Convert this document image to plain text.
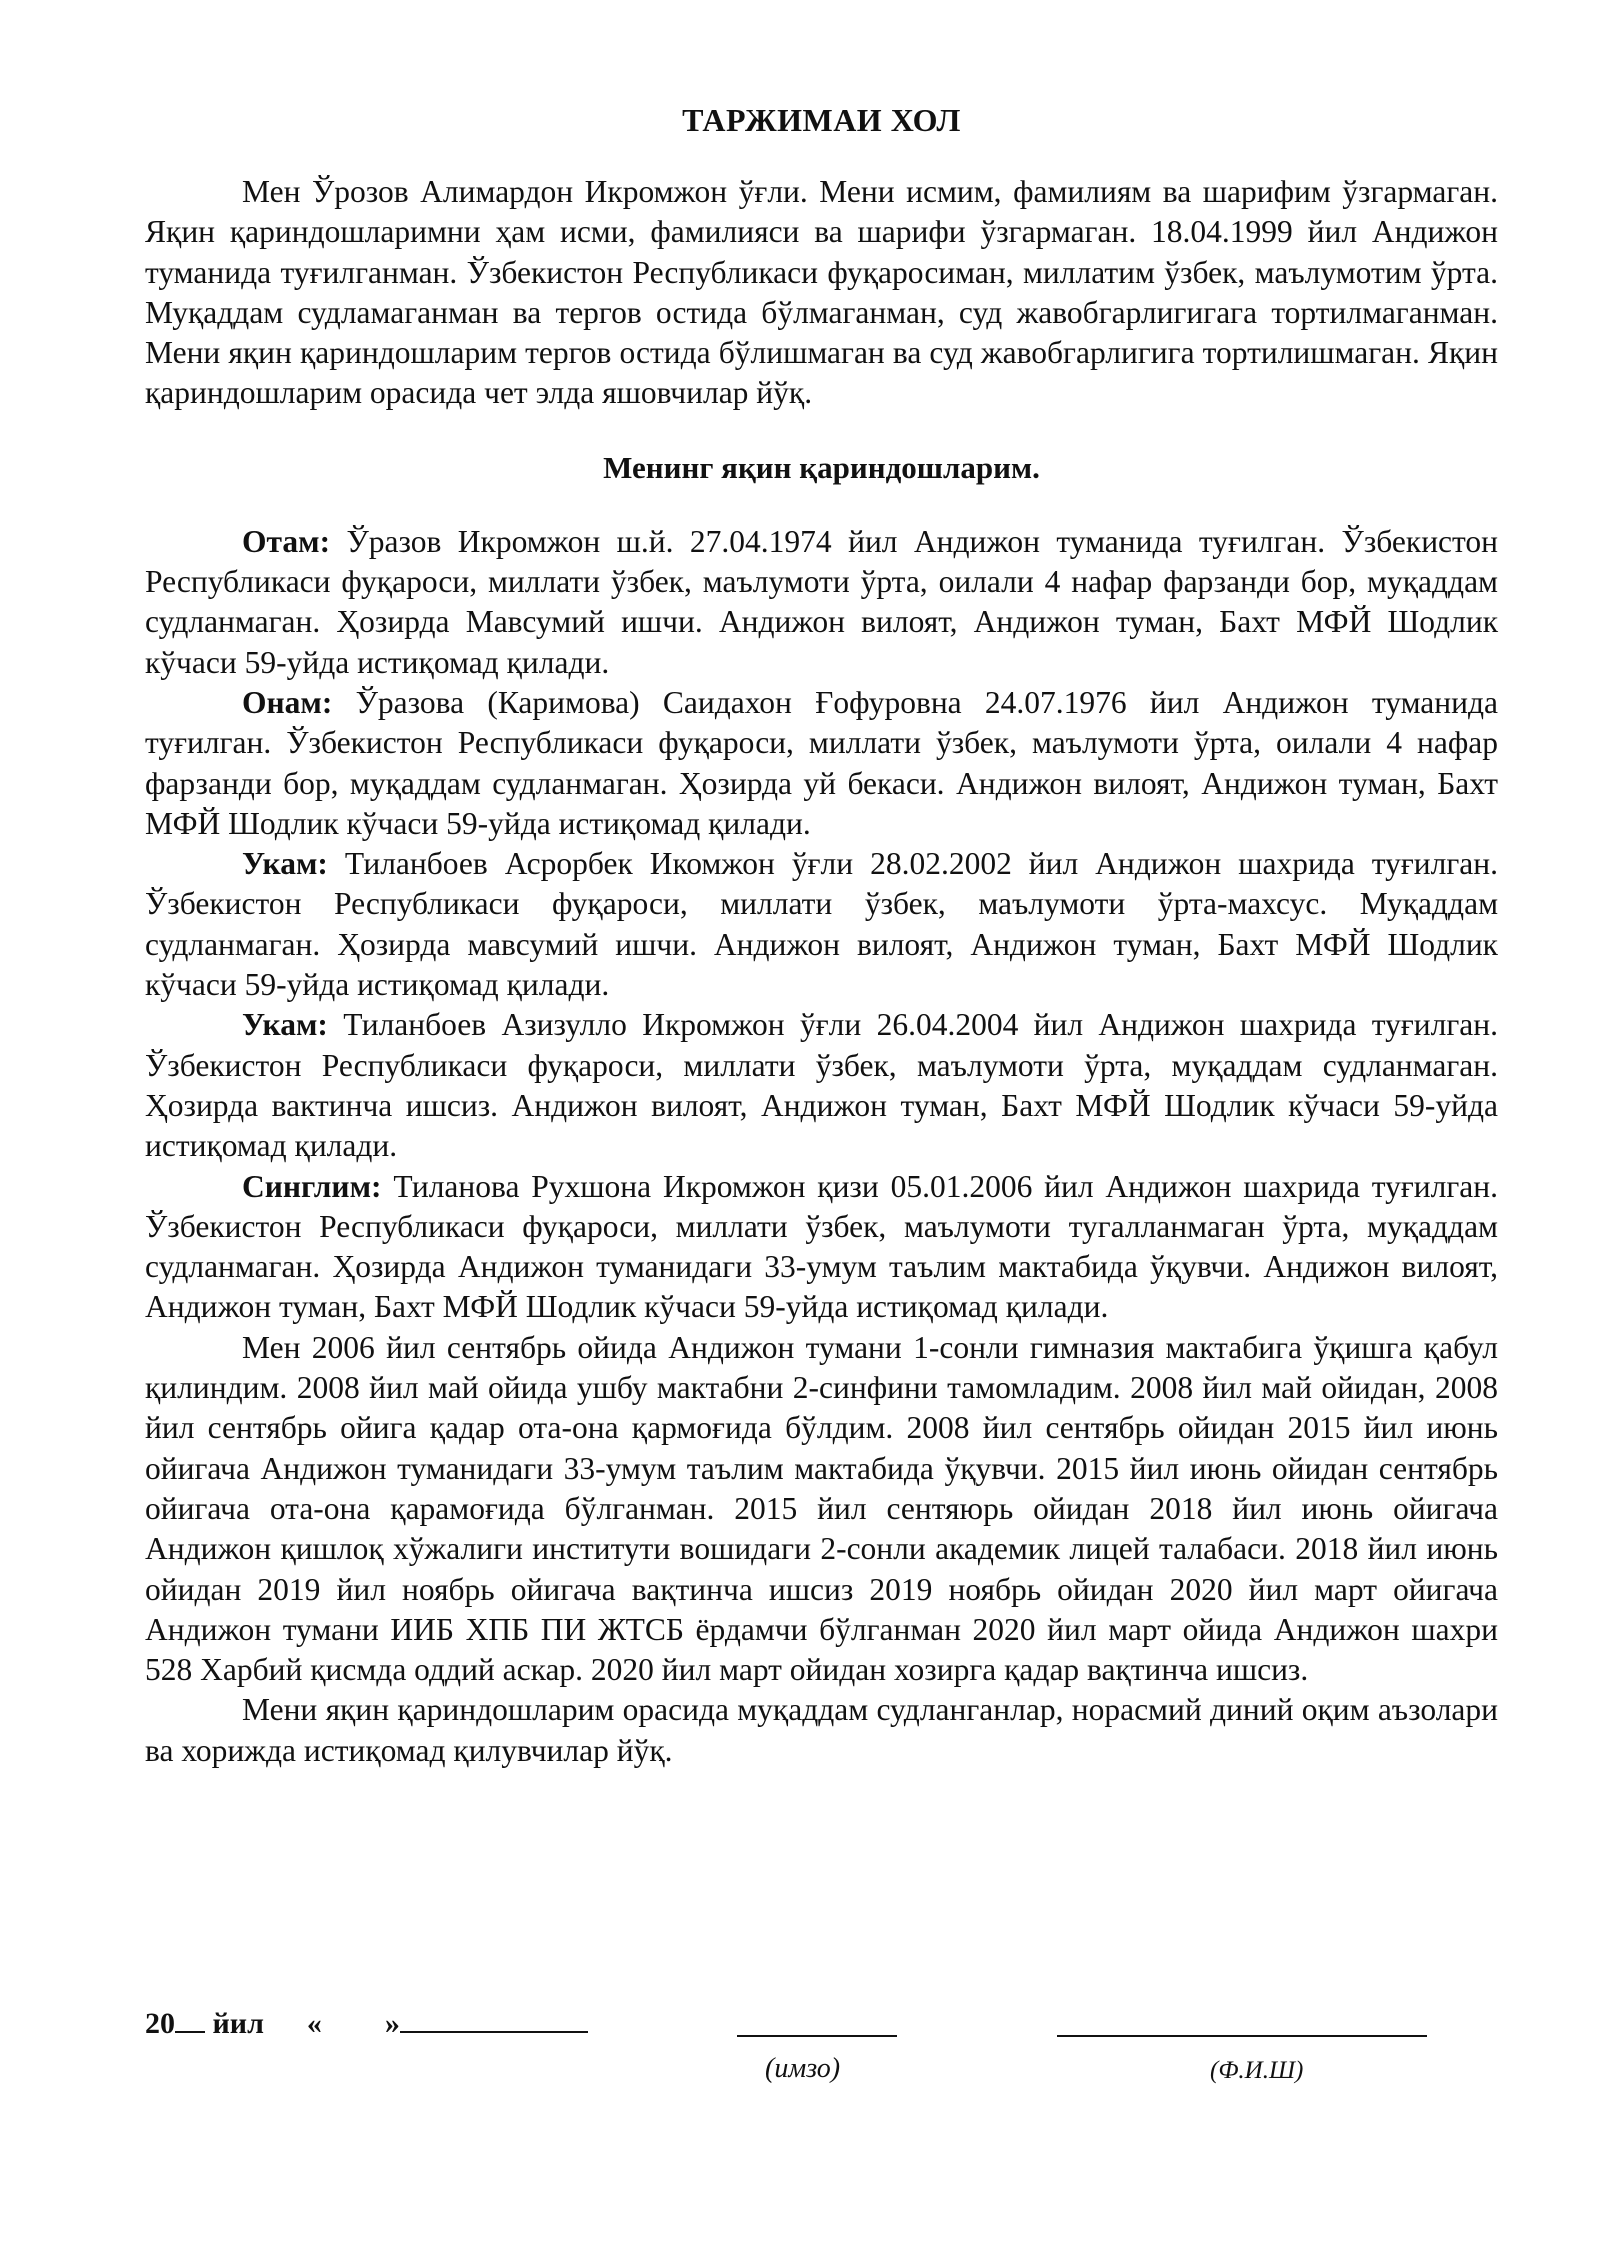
ТАРЖИМАИ ХОЛ

Мен Ўрозов Алимардон Икромжон ўғли. Мени исмим, фамилиям ва шарифим ўзгармаган. Яқин қариндошларимни ҳам исми, фамилияси ва шарифи ўзгармаган. 18.04.1999 йил Андижон туманида туғилганман. Ўзбекистон Республикаси фуқаросиман, миллатим ўзбек, маълумотим ўрта. Муқаддам судламаганман ва тергов остида бўлмаганман, суд жавобгарлигигага тортилмаганман. Мени яқин қариндошларим тергов остида бўлишмаган ва суд жавобгарлигига тортилишмаган. Яқин қариндошларим орасида чет элда яшовчилар йўқ.

Менинг яқин қариндошларим.

Отам: Ўразов Икромжон ш.й. 27.04.1974 йил Андижон туманида туғилган. Ўзбекистон Республикаси фуқароси, миллати ўзбек, маълумоти ўрта, оилали 4 нафар фарзанди бор, муқаддам судланмаган. Ҳозирда Мавсумий ишчи. Андижон вилоят, Андижон туман, Бахт МФЙ Шодлик кўчаси 59-уйда истиқомад қилади.

Онам: Ўразова (Каримова) Саидахон Ғофуровна 24.07.1976 йил Андижон туманида туғилган. Ўзбекистон Республикаси фуқароси, миллати ўзбек, маълумоти ўрта, оилали 4 нафар фарзанди бор, муқаддам судланмаган. Ҳозирда уй бекаси. Андижон вилоят, Андижон туман, Бахт МФЙ Шодлик кўчаси 59-уйда истиқомад қилади.

Укам: Тиланбоев Асрорбек Икомжон ўғли 28.02.2002 йил Андижон шахрида туғилган. Ўзбекистон Республикаси фуқароси, миллати ўзбек, маълумоти ўрта-махсус. Муқаддам судланмаган. Ҳозирда мавсумий ишчи. Андижон вилоят, Андижон туман, Бахт МФЙ Шодлик кўчаси 59-уйда истиқомад қилади.

Укам: Тиланбоев Азизулло Икромжон ўғли 26.04.2004 йил Андижон шахрида туғилган. Ўзбекистон Республикаси фуқароси, миллати ўзбек, маълумоти ўрта, муқаддам судланмаган. Ҳозирда вактинча ишсиз. Андижон вилоят, Андижон туман, Бахт МФЙ Шодлик кўчаси 59-уйда истиқомад қилади.

Синглим: Тиланова Рухшона Икромжон қизи 05.01.2006 йил Андижон шахрида туғилган. Ўзбекистон Республикаси фуқароси, миллати ўзбек, маълумоти тугалланмаган ўрта, муқаддам судланмаган. Ҳозирда Андижон туманидаги 33-умум таълим мактабида ўқувчи. Андижон вилоят, Андижон туман, Бахт МФЙ Шодлик кўчаси 59-уйда истиқомад қилади.

Мен 2006 йил сентябрь ойида Андижон тумани 1-сонли гимназия мактабига ўқишга қабул қилиндим. 2008 йил май ойида ушбу мактабни 2-синфини тамомладим. 2008 йил май ойидан, 2008 йил сентябрь ойига қадар ота-она қармоғида бўлдим. 2008 йил сентябрь ойидан 2015 йил июнь ойигача Андижон туманидаги 33-умум таълим мактабида ўқувчи. 2015 йил июнь ойидан сентябрь ойигача ота-она қарамоғида бўлганман. 2015 йил сентяюрь ойидан 2018 йил июнь ойигача Андижон қишлоқ хўжалиги институти вошидаги 2-сонли академик лицей талабаси. 2018 йил июнь ойидан 2019 йил ноябрь ойигача вақтинча ишсиз 2019 ноябрь ойидан 2020 йил март ойигача Андижон тумани ИИБ ХПБ ПИ ЖТСБ ёрдамчи бўлганман 2020 йил март ойида Андижон шахри 528 Харбий қисмда оддий аскар. 2020 йил март ойидан хозирга қадар вақтинча ишсиз.

Мени яқин қариндошларим орасида муқаддам судланганлар, норасмий диний оқим аъзолари ва хорижда истиқомад қилувчилар йўқ.

20 йил « »
(имзо)	(Ф.И.Ш)
